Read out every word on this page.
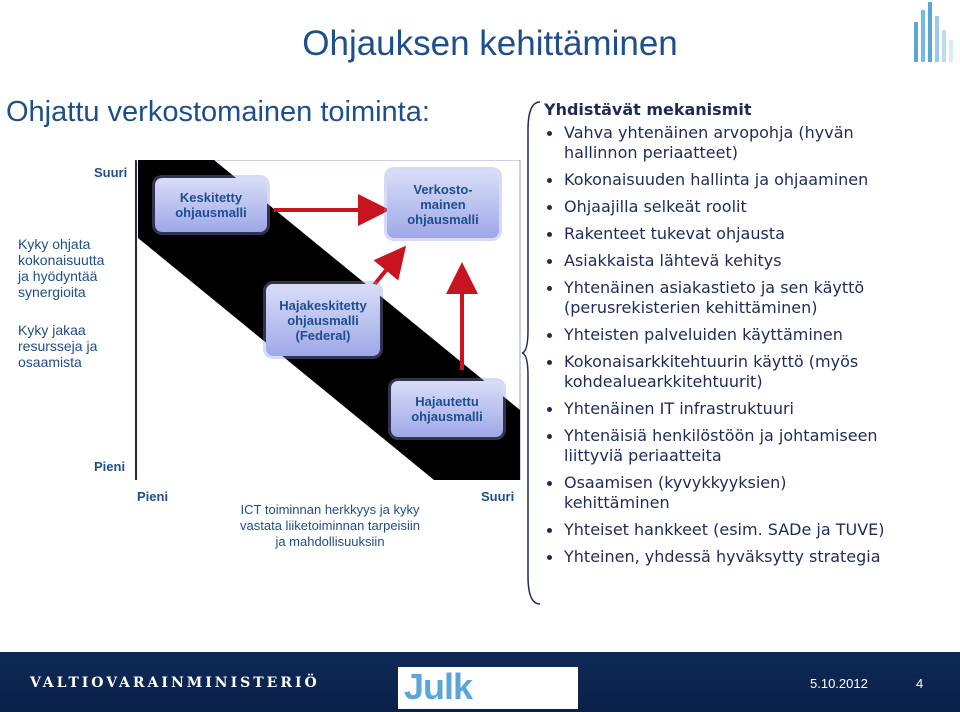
Ohjauksen kehittäminen
Ohjattu verkostomainen toiminta:
Suuri
Pieni
Kyky ohjata
kokonaisuutta
ja hyödyntää
synergioita
Kyky jakaa
resursseja ja
osaamista
Keskitetty
ohjausmalli
Verkosto-
mainen
ohjausmalli
Hajakeskitetty
ohjausmalli
(Federal)
Hajautettu
ohjausmalli
Pieni	Suuri
ICT toiminnan herkkyys ja kyky
vastata liiketoiminnan tarpeisiin
ja mahdollisuuksiin
Yhdistävät mekanismit
Vahva yhtenäinen arvopohja (hyvän
hallinnon periaatteet)
Kokonaisuuden hallinta ja ohjaaminen
Ohjaajilla selkeät roolit
Rakenteet tukevat ohjausta
Asiakkaista lähtevä kehitys
Yhtenäinen asiakastieto ja sen käyttö
(perusrekisterien kehittäminen)
Yhteisten palveluiden käyttäminen
Kokonaisarkkitehtuurin käyttö (myös
kohdealuearkkitehtuurit)
Yhtenäinen IT infrastruktuuri
Yhtenäisiä henkilöstöön ja johtamiseen
liittyviä periaatteita
Osaamisen (kyvykkyyksien)
kehittäminen
Yhteiset hankkeet (esim. SADe ja TUVE)
Yhteinen, yhdessä hyväksytty strategia
VALTIOVARAINMINISTERIÖ Julk	5.10.2012	4
